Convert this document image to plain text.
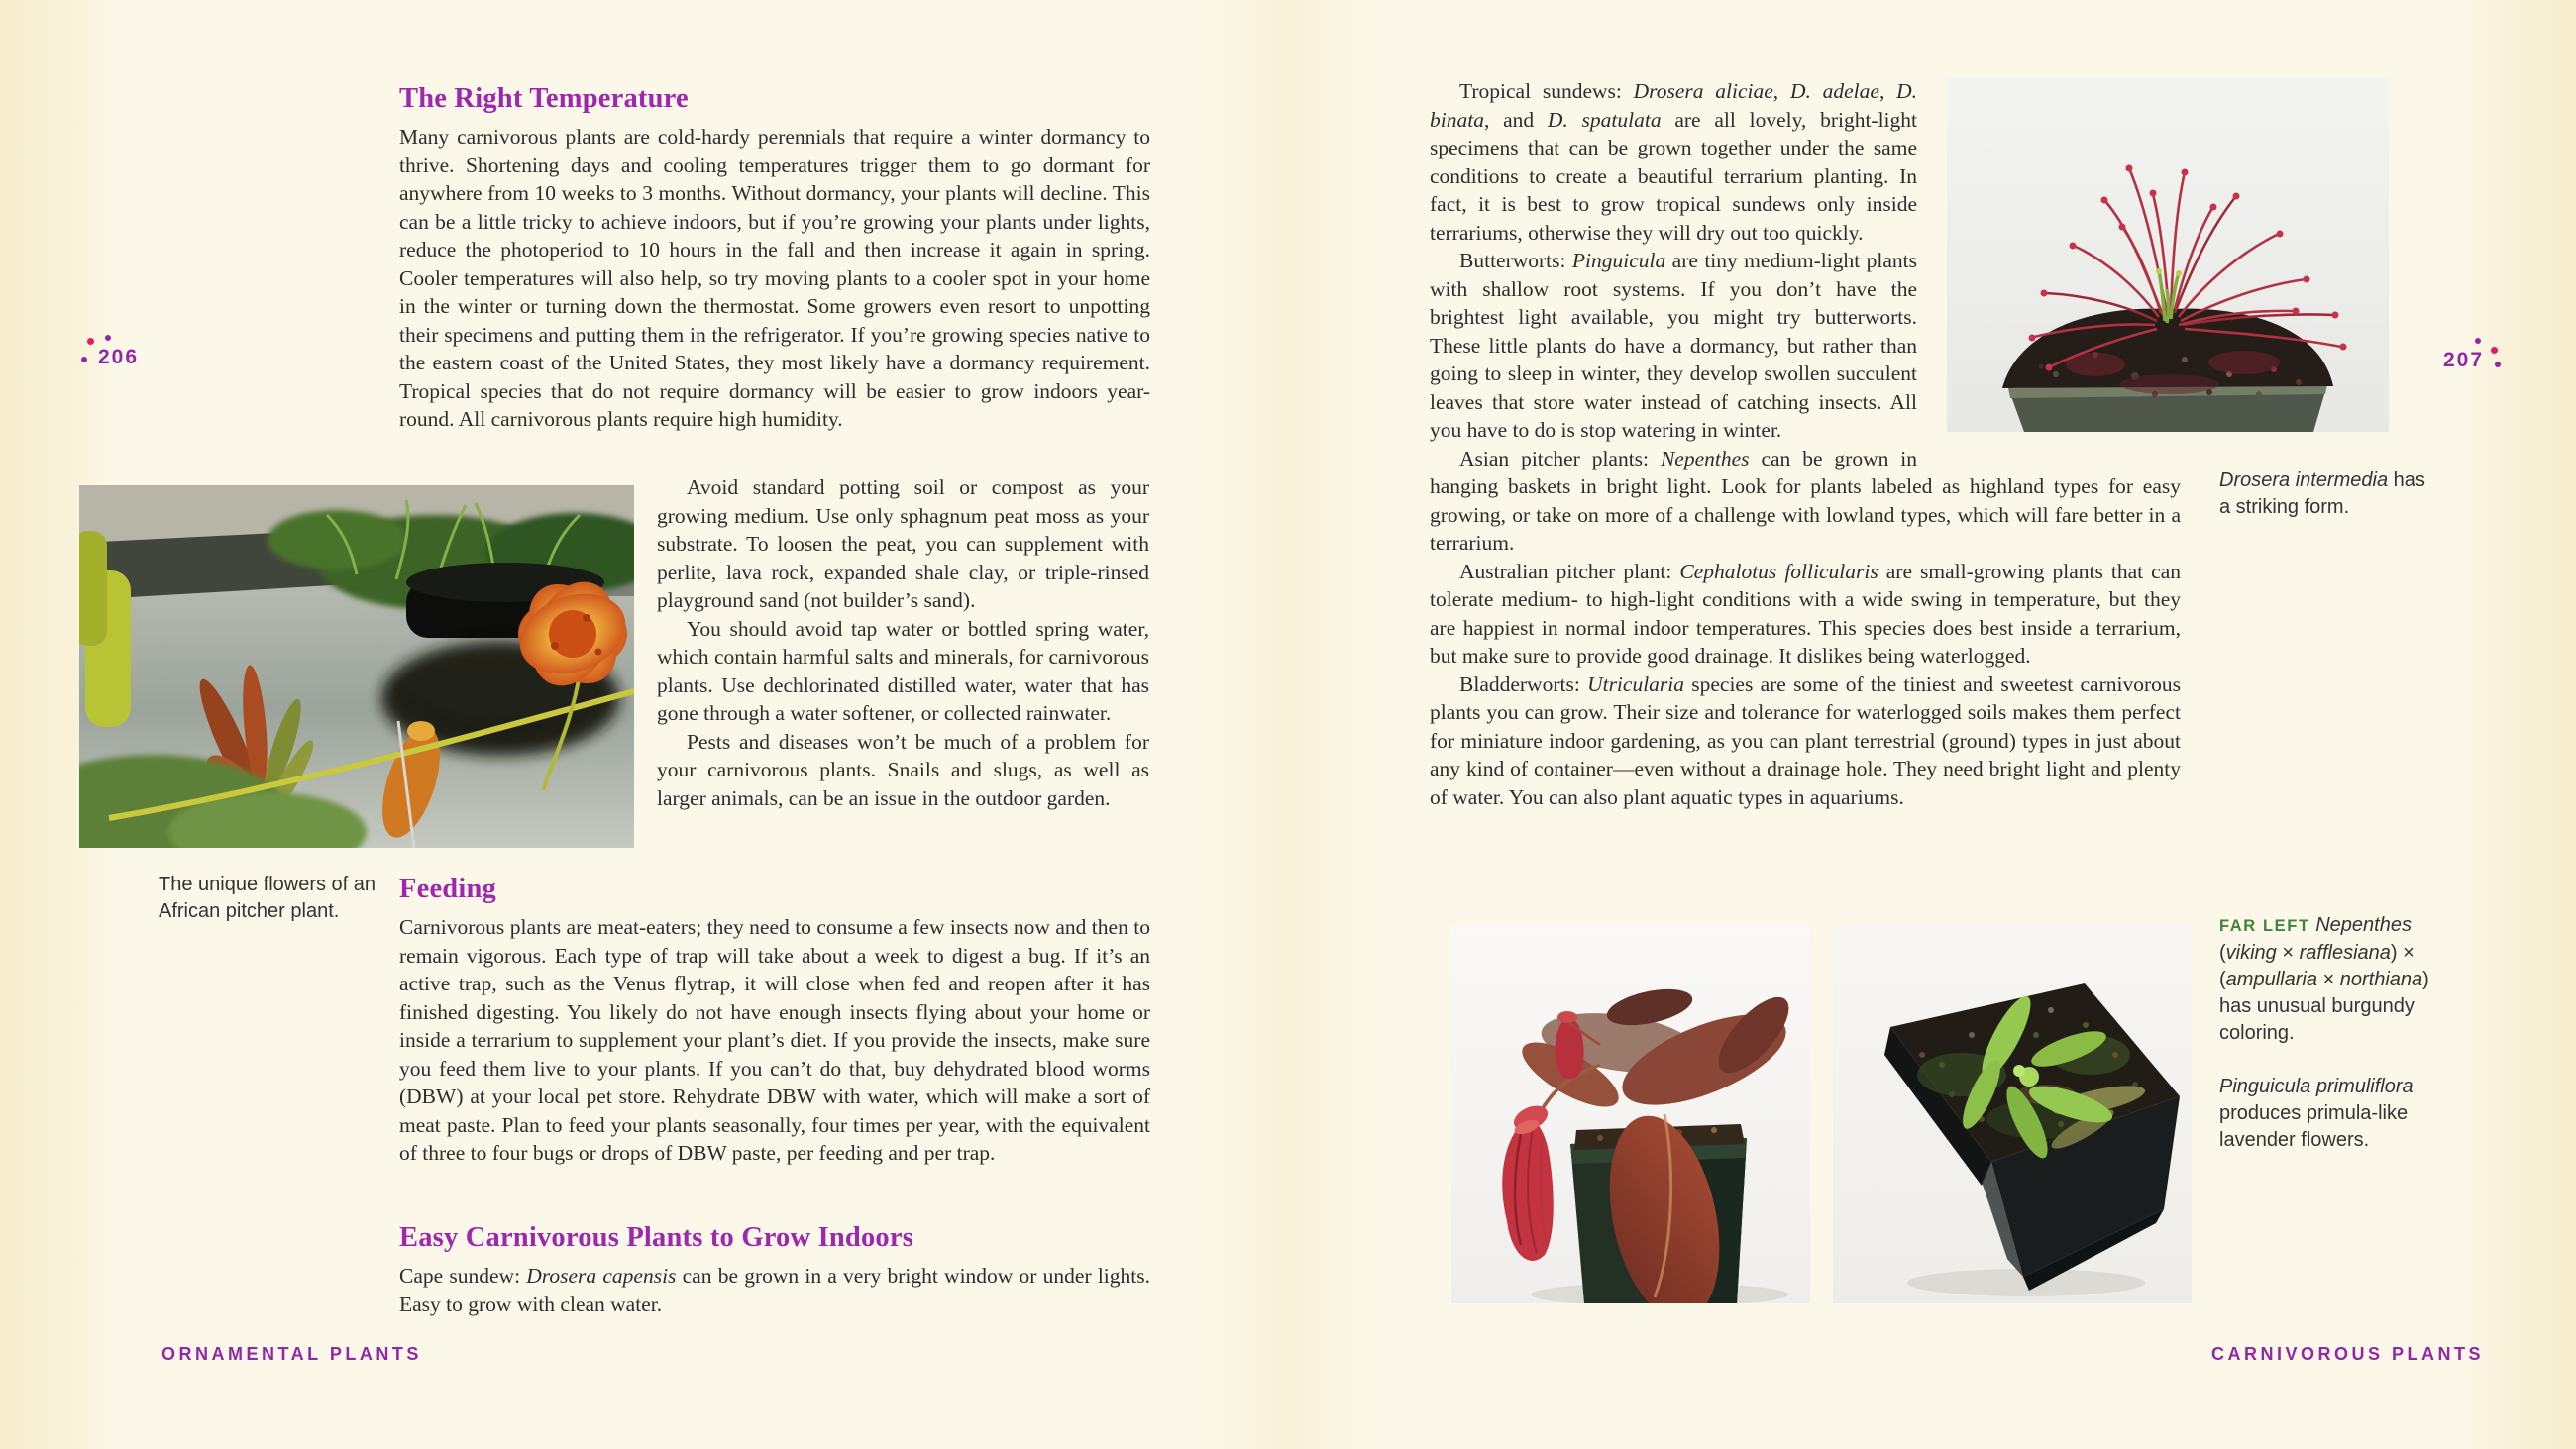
206
The Right Temperature

Many carnivorous plants are cold-hardy perennials that require a winter dormancy to thrive. Shortening days and cooling temperatures trigger them to go dormant for anywhere from 10 weeks to 3 months. Without dormancy, your plants will decline. This can be a little tricky to achieve indoors, but if you’re growing your plants under lights, reduce the photoperiod to 10 hours in the fall and then increase it again in spring. Cooler temperatures will also help, so try moving plants to a cooler spot in your home in the winter or turning down the thermostat. Some growers even resort to unpotting their specimens and putting them in the refrigerator. If you’re growing species native to the eastern coast of the United States, they most likely have a dormancy requirement. Tropical species that do not require dormancy will be easier to grow indoors year-round. All carnivorous plants require high humidity.

Avoid standard potting soil or compost as your growing medium. Use only sphagnum peat moss as your substrate. To loosen the peat, you can supplement with perlite, lava rock, expanded shale clay, or triple-rinsed playground sand (not builder’s sand).

You should avoid tap water or bottled spring water, which contain harmful salts and minerals, for carnivorous plants. Use dechlorinated distilled water, water that has gone through a water softener, or collected rainwater.

Pests and diseases won’t be much of a problem for your carnivorous plants. Snails and slugs, as well as larger animals, can be an issue in the outdoor garden.

The unique flowers of an African pitcher plant.

Feeding

Carnivorous plants are meat-eaters; they need to consume a few insects now and then to remain vigorous. Each type of trap will take about a week to digest a bug. If it’s an active trap, such as the Venus flytrap, it will close when fed and reopen after it has finished digesting. You likely do not have enough insects flying about your home or inside a terrarium to supplement your plant’s diet. If you provide the insects, make sure you feed them live to your plants. If you can’t do that, buy dehydrated blood worms (DBW) at your local pet store. Rehydrate DBW with water, which will make a sort of meat paste. Plan to feed your plants seasonally, four times per year, with the equivalent of three to four bugs or drops of DBW paste, per feeding and per trap.

Easy Carnivorous Plants to Grow Indoors

Cape sundew: Drosera capensis can be grown in a very bright window or under lights. Easy to grow with clean water.

ORNAMENTAL PLANTS
207

Tropical sundews: Drosera aliciae, D. adelae, D. binata, and D. spatulata are all lovely, bright-light specimens that can be grown together under the same conditions to create a beautiful terrarium planting. In fact, it is best to grow tropical sundews only inside terrariums, otherwise they will dry out too quickly.

Butterworts: Pinguicula are tiny medium-light plants with shallow root systems. If you don’t have the brightest light available, you might try butterworts. These little plants do have a dormancy, but rather than going to sleep in winter, they develop swollen succulent leaves that store water instead of catching insects. All you have to do is stop watering in winter.

Asian pitcher plants: Nepenthes can be grown in hanging baskets in bright light. Look for plants labeled as highland types for easy growing, or take on more of a challenge with lowland types, which will fare better in a terrarium.

Australian pitcher plant: Cephalotus follicularis are small-growing plants that can tolerate medium- to high-light conditions with a wide swing in temperature, but they are happiest in normal indoor temperatures. This species does best inside a terrarium, but make sure to provide good drainage. It dislikes being waterlogged.

Bladderworts: Utricularia species are some of the tiniest and sweetest carnivorous plants you can grow. Their size and tolerance for waterlogged soils makes them perfect for miniature indoor gardening, as you can plant terrestrial (ground) types in just about any kind of container—even without a drainage hole. They need bright light and plenty of water. You can also plant aquatic types in aquariums.

Drosera intermedia has a striking form.

FAR LEFT Nepenthes (viking × rafflesiana) × (ampullaria × northiana) has unusual burgundy coloring.

Pinguicula primuliflora produces primula-like lavender flowers.

CARNIVOROUS PLANTS
